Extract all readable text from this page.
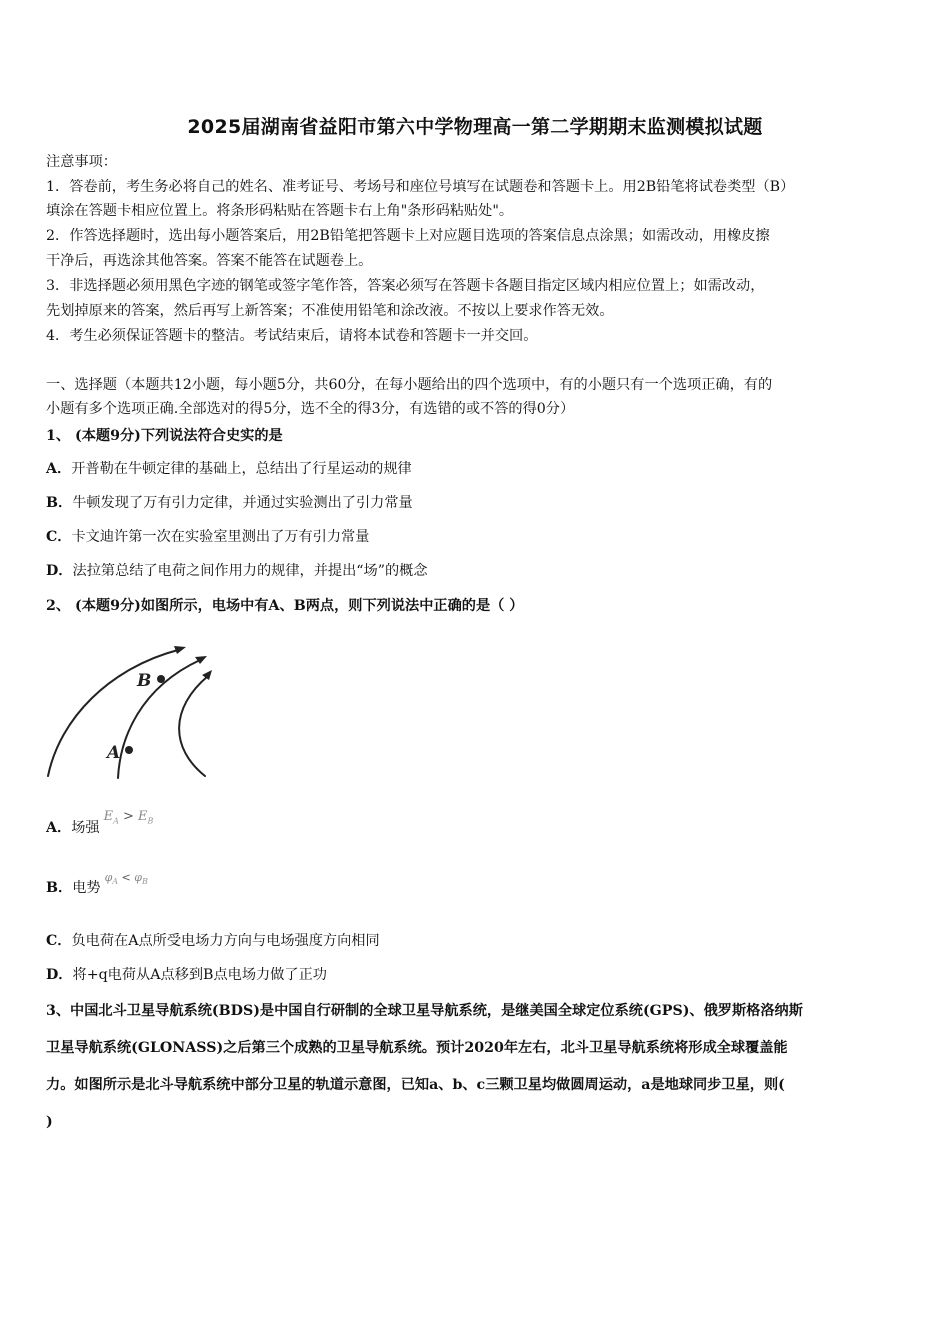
2025届湖南省益阳市第六中学物理高一第二学期期末监测模拟试题
注意事项：
1．答卷前，考生务必将自己的姓名、准考证号、考场号和座位号填写在试题卷和答题卡上。用2B铅笔将试卷类型（B）
填涂在答题卡相应位置上。将条形码粘贴在答题卡右上角"条形码粘贴处"。
2．作答选择题时，选出每小题答案后，用2B铅笔把答题卡上对应题目选项的答案信息点涂黑；如需改动，用橡皮擦
干净后，再选涂其他答案。答案不能答在试题卷上。
3．非选择题必须用黑色字迹的钢笔或签字笔作答，答案必须写在答题卡各题目指定区域内相应位置上；如需改动，
先划掉原来的答案，然后再写上新答案；不准使用铅笔和涂改液。不按以上要求作答无效。
4．考生必须保证答题卡的整洁。考试结束后，请将本试卷和答题卡一并交回。
一、选择题（本题共12小题，每小题5分，共60分，在每小题给出的四个选项中，有的小题只有一个选项正确，有的
小题有多个选项正确.全部选对的得5分，选不全的得3分，有选错的或不答的得0分）
1、 (本题9分)下列说法符合史实的是
A．开普勒在牛顿定律的基础上，总结出了行星运动的规律
B．牛顿发现了万有引力定律，并通过实验测出了引力常量
C．卡文迪许第一次在实验室里测出了万有引力常量
D．法拉第总结了电荷之间作用力的规律，并提出“场”的概念
2、 (本题9分)如图所示，电场中有A、B两点，则下列说法中正确的是（ ）
A
B
A．场强$E_A > E_B$
B．电势$^{\varphi_A < \varphi_B}$
C．负电荷在A点所受电场力方向与电场强度方向相同
D．将+q电荷从A点移到B点电场力做了正功
3、中国北斗卫星导航系统(BDS)是中国自行研制的全球卫星导航系统，是继美国全球定位系统(GPS)、俄罗斯格洛纳斯
卫星导航系统(GLONASS)之后第三个成熟的卫星导航系统。预计2020年左右，北斗卫星导航系统将形成全球覆盖能
力。如图所示是北斗导航系统中部分卫星的轨道示意图，已知a、b、c三颗卫星均做圆周运动，a是地球同步卫星，则(
)
